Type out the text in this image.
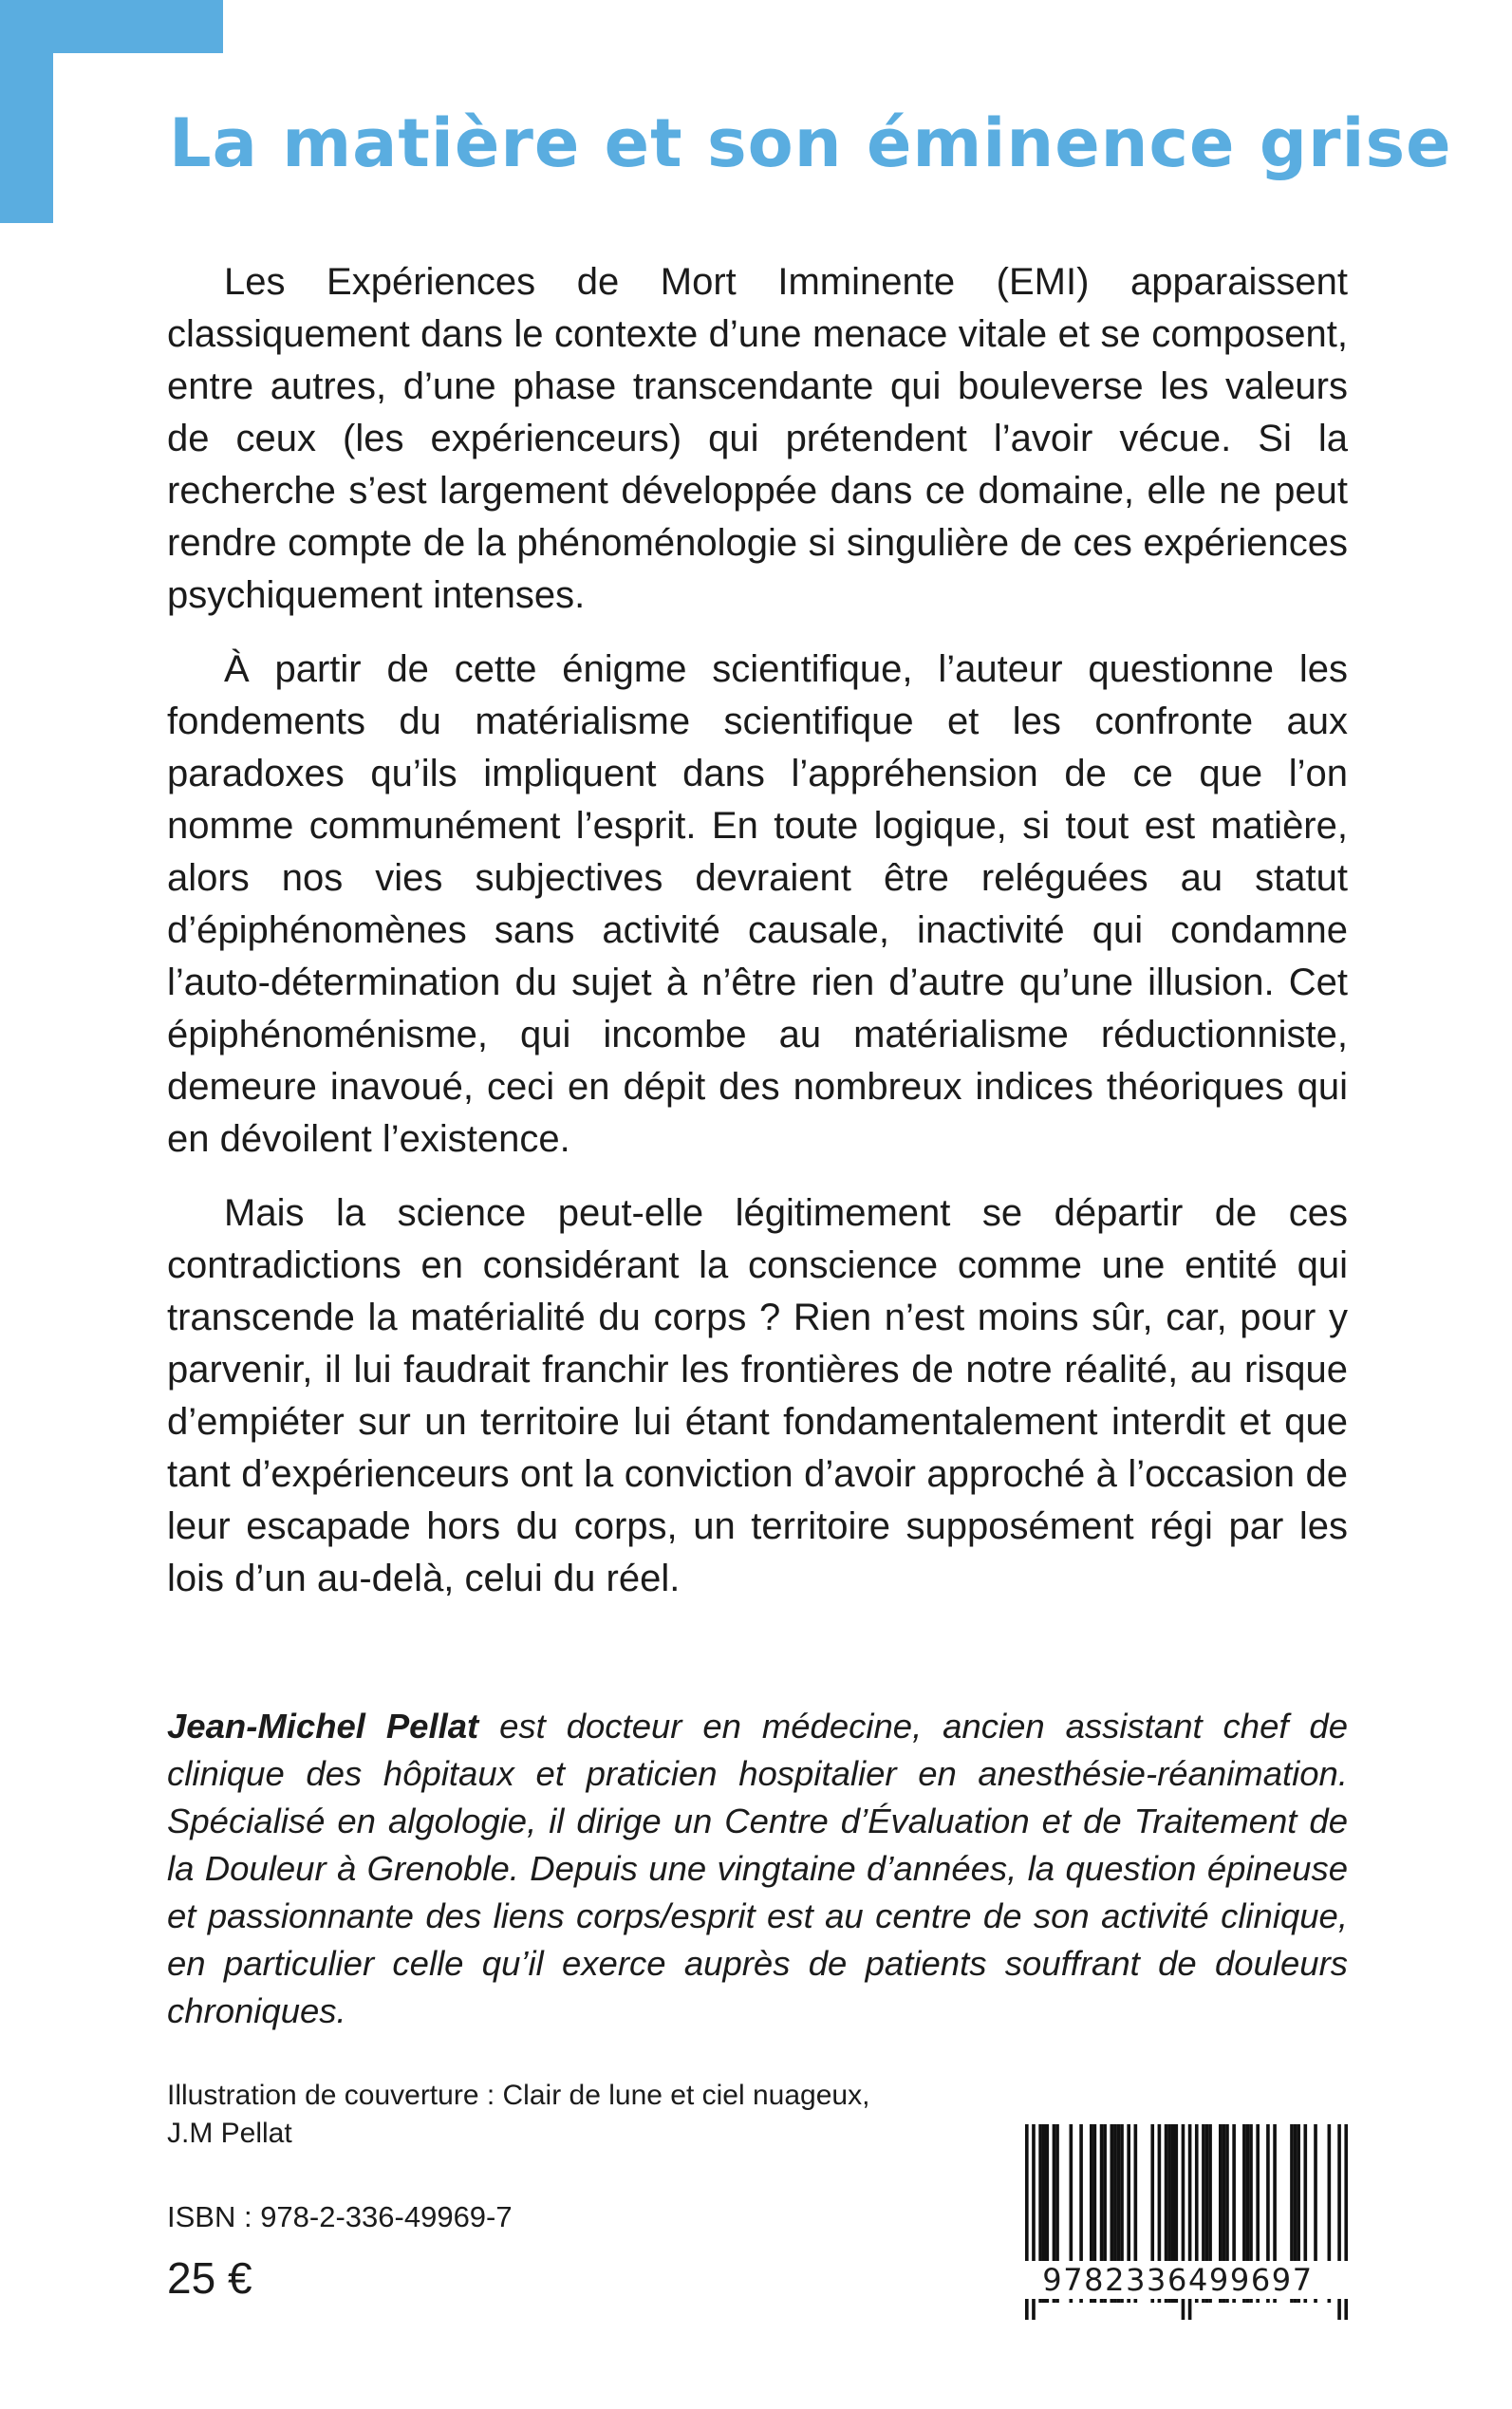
La matière et son éminence grise

Les Expériences de Mort Imminente (EMI) apparaissent classiquement dans le contexte d’une menace vitale et se composent, entre autres, d’une phase transcendante qui bouleverse les valeurs de ceux (les expérienceurs) qui prétendent l’avoir vécue. Si la recherche s’est largement développée dans ce domaine, elle ne peut rendre compte de la phénoménologie si singulière de ces expériences psychiquement intenses.

À partir de cette énigme scientifique, l’auteur questionne les fondements du matérialisme scientifique et les confronte aux paradoxes qu’ils impliquent dans l’appréhension de ce que l’on nomme communément l’esprit. En toute logique, si tout est matière, alors nos vies subjectives devraient être reléguées au statut d’épiphénomènes sans activité causale, inactivité qui condamne l’auto-détermination du sujet à n’être rien d’autre qu’une illusion. Cet épiphénoménisme, qui incombe au matérialisme réductionniste, demeure inavoué, ceci en dépit des nombreux indices théoriques qui en dévoilent l’existence.

Mais la science peut-elle légitimement se départir de ces contradictions en considérant la conscience comme une entité qui transcende la matérialité du corps ? Rien n’est moins sûr, car, pour y parvenir, il lui faudrait franchir les frontières de notre réalité, au risque d’empiéter sur un territoire lui étant fondamentalement interdit et que tant d’expérienceurs ont la conviction d’avoir approché à l’occasion de leur escapade hors du corps, un territoire supposément régi par les lois d’un au-delà, celui du réel.

Jean-Michel Pellat est docteur en médecine, ancien assistant chef de clinique des hôpitaux et praticien hospitalier en anesthésie-réanimation. Spécialisé en algologie, il dirige un Centre d’Évaluation et de Traitement de la Douleur à Grenoble. Depuis une vingtaine d’années, la question épineuse et passionnante des liens corps/esprit est au centre de son activité clinique, en particulier celle qu’il exerce auprès de patients souffrant de douleurs chroniques.

Illustration de couverture : Clair de lune et ciel nuageux,
J.M Pellat

ISBN : 978-2-336-49969-7

25 €	9782336499697
